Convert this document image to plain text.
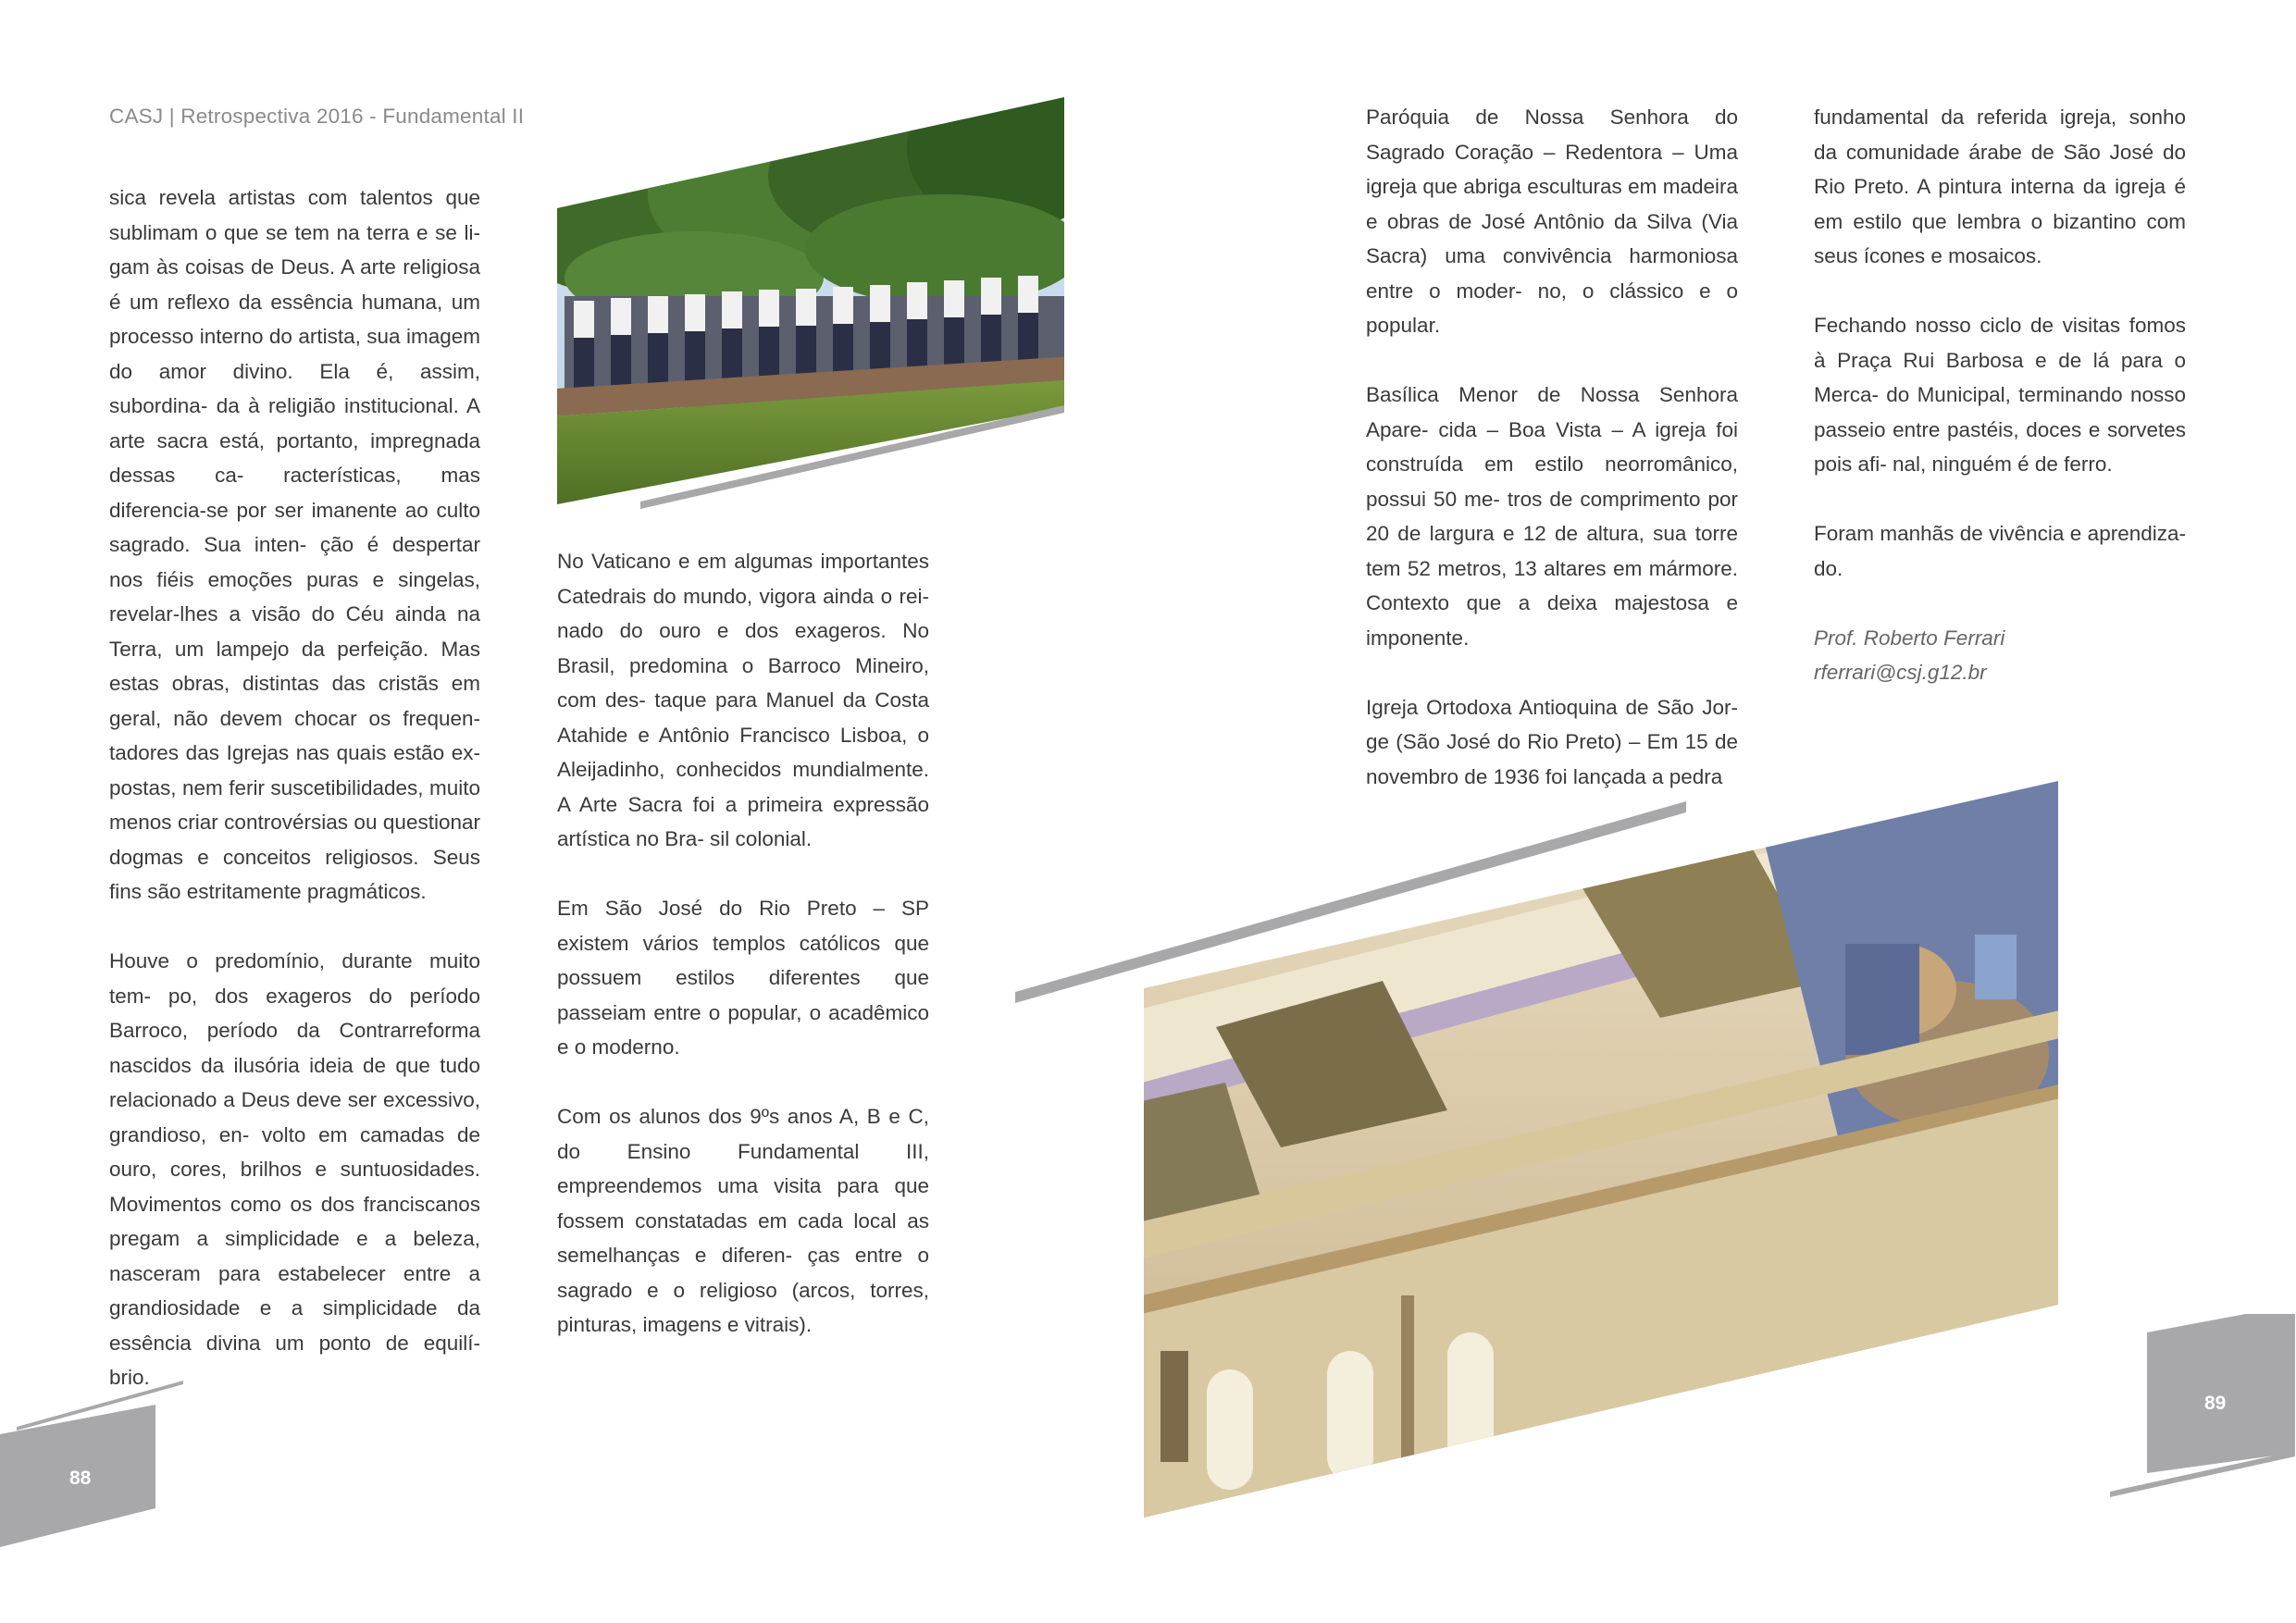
CASJ | Retrospectiva 2016 - Fundamental II

sica revela artistas com talentos que sublimam o que se tem na terra e se li- gam às coisas de Deus. A arte religiosa é um reflexo da essência humana, um processo interno do artista, sua imagem do amor divino. Ela é, assim, subordina- da à religião institucional. A arte sacra está, portanto, impregnada dessas ca- racterísticas, mas diferencia-se por ser imanente ao culto sagrado. Sua inten- ção é despertar nos fiéis emoções puras e singelas, revelar-lhes a visão do Céu ainda na Terra, um lampejo da perfeição. Mas estas obras, distintas das cristãs em geral, não devem chocar os frequen- tadores das Igrejas nas quais estão ex- postas, nem ferir suscetibilidades, muito menos criar controvérsias ou questionar dogmas e conceitos religiosos. Seus fins são estritamente pragmáticos.

Houve o predomínio, durante muito tem- po, dos exageros do período Barroco, período da Contrarreforma nascidos da ilusória ideia de que tudo relacionado a Deus deve ser excessivo, grandioso, en- volto em camadas de ouro, cores, brilhos e suntuosidades. Movimentos como os dos franciscanos pregam a simplicidade e a beleza, nasceram para estabelecer entre a grandiosidade e a simplicidade da essência divina um ponto de equilí- brio.

No Vaticano e em algumas importantes Catedrais do mundo, vigora ainda o rei- nado do ouro e dos exageros. No Brasil, predomina o Barroco Mineiro, com des- taque para Manuel da Costa Atahide e Antônio Francisco Lisboa, o Aleijadinho, conhecidos mundialmente. A Arte Sacra foi a primeira expressão artística no Bra- sil colonial.

Em São José do Rio Preto – SP existem vários templos católicos que possuem estilos diferentes que passeiam entre o popular, o acadêmico e o moderno.

Com os alunos dos 9ºs anos A, B e C, do Ensino Fundamental III, empreendemos uma visita para que fossem constatadas em cada local as semelhanças e diferen- ças entre o sagrado e o religioso (arcos, torres, pinturas, imagens e vitrais).

88

Paróquia de Nossa Senhora do Sagrado Coração – Redentora – Uma igreja que abriga esculturas em madeira e obras de José Antônio da Silva (Via Sacra) uma convivência harmoniosa entre o moder- no, o clássico e o popular.

Basílica Menor de Nossa Senhora Apare- cida – Boa Vista – A igreja foi construída em estilo neorromânico, possui 50 me- tros de comprimento por 20 de largura e 12 de altura, sua torre tem 52 metros, 13 altares em mármore. Contexto que a deixa majestosa e imponente.

Igreja Ortodoxa Antioquina de São Jor- ge (São José do Rio Preto) – Em 15 de novembro de 1936 foi lançada a pedra

fundamental da referida igreja, sonho da comunidade árabe de São José do Rio Preto. A pintura interna da igreja é em estilo que lembra o bizantino com seus ícones e mosaicos.

Fechando nosso ciclo de visitas fomos à Praça Rui Barbosa e de lá para o Merca- do Municipal, terminando nosso passeio entre pastéis, doces e sorvetes pois afi- nal, ninguém é de ferro.

Foram manhãs de vivência e aprendiza- do.

Prof. Roberto Ferrari
rferrari@csj.g12.br
89
